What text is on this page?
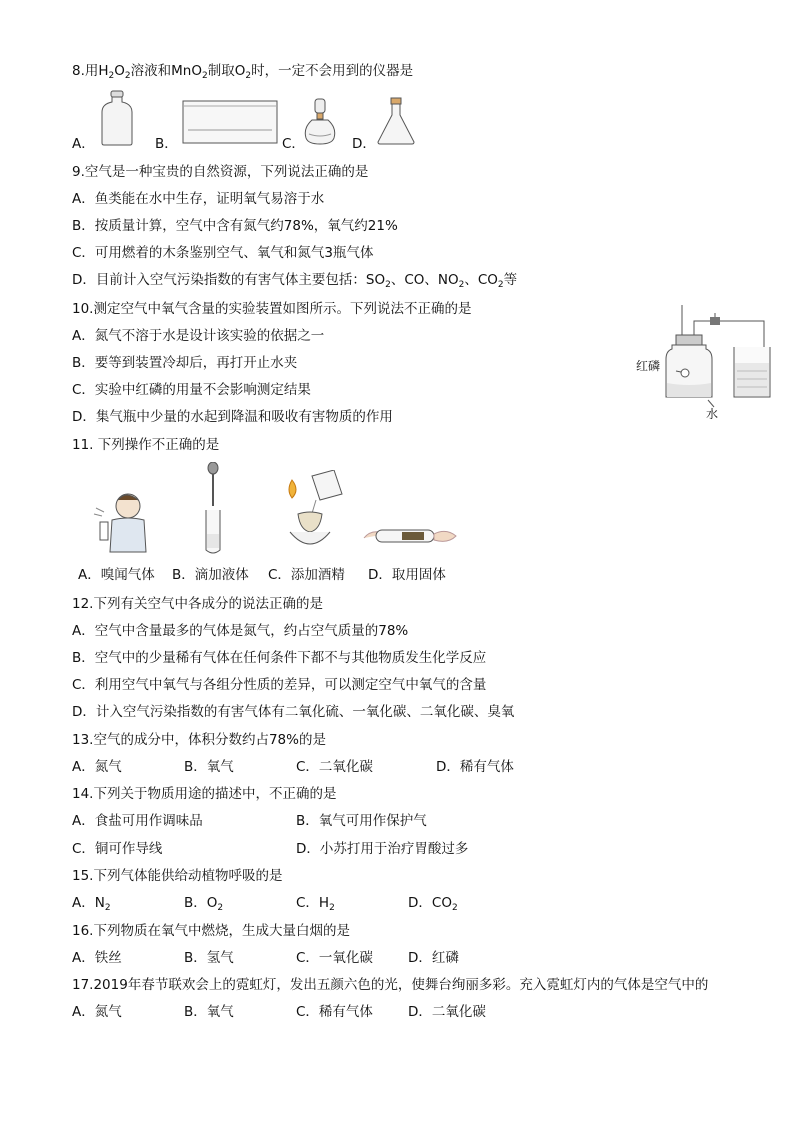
8.用$H_2O_2$溶液和MnO$_2$制取$O_2$时，一定不会用到的仪器是
A．	B．	C．	D．
9.空气是一种宝贵的自然资源，下列说法正确的是
A．鱼类能在水中生存，证明氧气易溶于水
B．按质量计算，空气中含有氮气约78%，氧气约21%
C．可用燃着的木条鉴别空气、氧气和氮气3瓶气体
D．目前计入空气污染指数的有害气体主要包括：$SO_2$、CO、$NO_2$、$CO_2$等
10.测定空气中氧气含量的实验装置如图所示。下列说法不正确的是
A．氮气不溶于水是设计该实验的依据之一
B．要等到装置冷却后，再打开止水夹
C．实验中红磷的用量不会影响测定结果
D．集气瓶中少量的水起到降温和吸收有害物质的作用
红磷
水
11. 下列操作不正确的是
A．嗅闻气体 B．滴加液体 C．添加酒精 D．取用固体
12.下列有关空气中各成分的说法正确的是
A．空气中含量最多的气体是氮气，约占空气质量的78%
B．空气中的少量稀有气体在任何条件下都不与其他物质发生化学反应
C．利用空气中氧气与各组分性质的差异，可以测定空气中氧气的含量
D．计入空气污染指数的有害气体有二氧化硫、一氧化碳、二氧化碳、臭氧
13.空气的成分中，体积分数约占78%的是
A．氮气	B．氧气	C．二氧化碳	D．稀有气体
14.下列关于物质用途的描述中，不正确的是
A．食盐可用作调味品	B．氧气可用作保护气
C．铜可作导线	D．小苏打用于治疗胃酸过多
15.下列气体能供给动植物呼吸的是
A．$N_2$	B．$O_2$	C．$H_2$	D．$CO_2$
16.下列物质在氧气中燃烧，生成大量白烟的是
A．铁丝	B．氢气	C．一氧化碳	D．红磷
17.2019年春节联欢会上的霓虹灯，发出五颜六色的光，使舞台绚丽多彩。充入霓虹灯内的气体是空气中的
A．氮气	B．氧气	C．稀有气体	D．二氧化碳
